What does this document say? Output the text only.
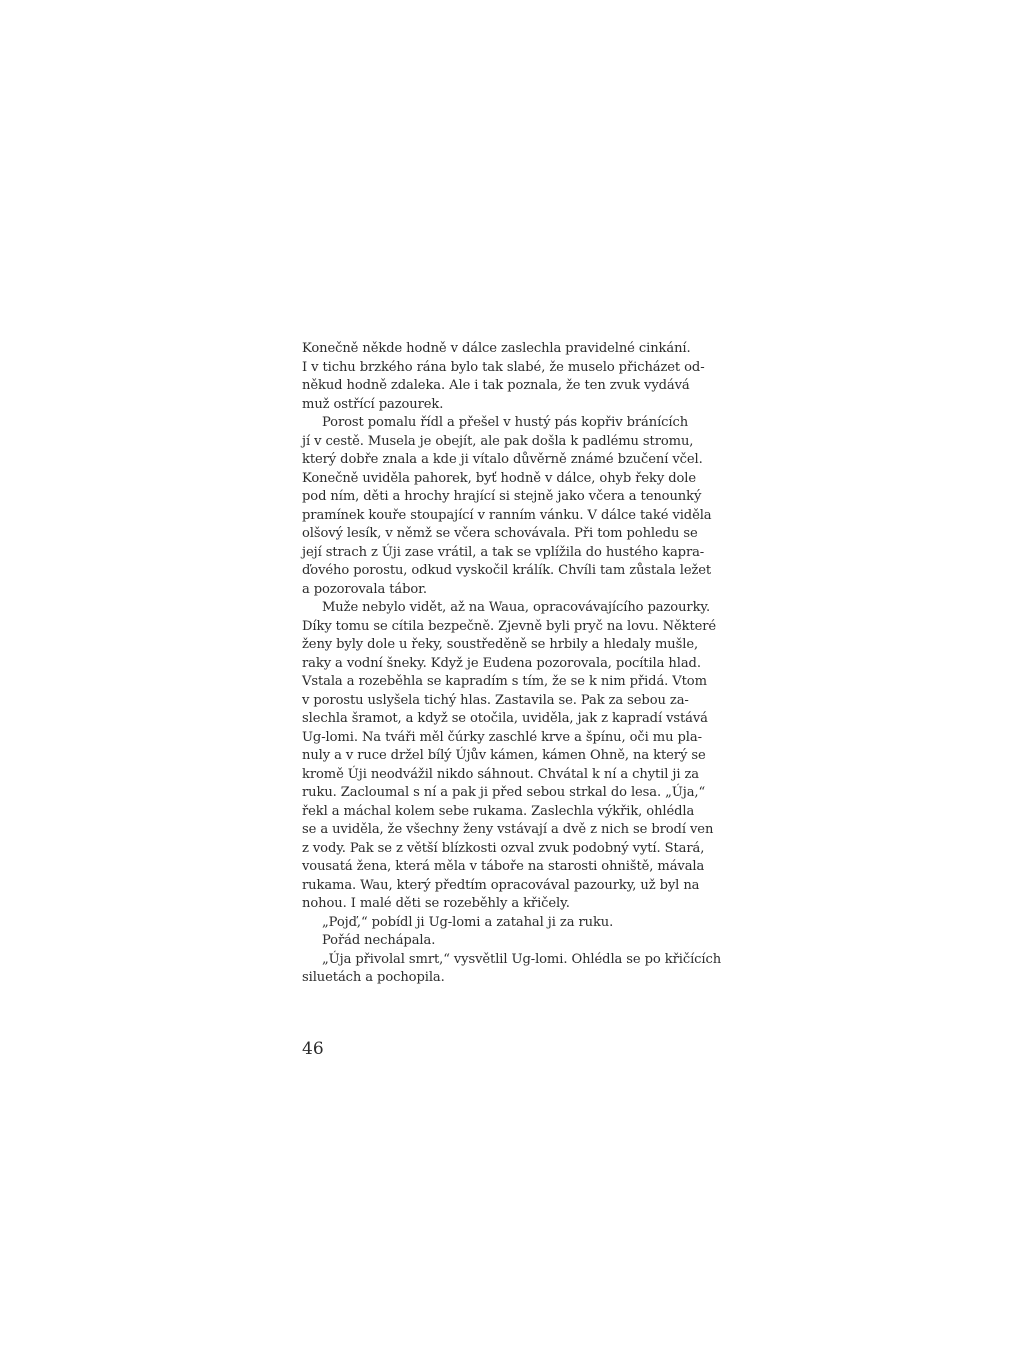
Konečně někde hodně v dálce zaslechla pravidelné cinkání.
I v tichu brzkého rána bylo tak slabé, že muselo přicházet od-
někud hodně zdaleka. Ale i tak poznala, že ten zvuk vydává
muž ostřící pazourek.
Porost pomalu řídl a přešel v hustý pás kopřiv bránících
jí v cestě. Musela je obejít, ale pak došla k padlému stromu,
který dobře znala a kde ji vítalo důvěrně známé bzučení včel.
Konečně uviděla pahorek, byť hodně v dálce, ohyb řeky dole
pod ním, děti a hrochy hrající si stejně jako včera a tenounký
pramínek kouře stoupající v ranním vánku. V dálce také viděla
olšový lesík, v němž se včera schovávala. Při tom pohledu se
její strach z Úji zase vrátil, a tak se vplížila do hustého kapra-
ďového porostu, odkud vyskočil králík. Chvíli tam zůstala ležet
a pozorovala tábor.
Muže nebylo vidět, až na Waua, opracovávajícího pazourky.
Díky tomu se cítila bezpečně. Zjevně byli pryč na lovu. Některé
ženy byly dole u řeky, soustředěně se hrbily a hledaly mušle,
raky a vodní šneky. Když je Eudena pozorovala, pocítila hlad.
Vstala a rozeběhla se kapradím s tím, že se k nim přidá. Vtom
v porostu uslyšela tichý hlas. Zastavila se. Pak za sebou za-
slechla šramot, a když se otočila, uviděla, jak z kapradí vstává
Ug-lomi. Na tváři měl čúrky zaschlé krve a špínu, oči mu pla-
nuly a v ruce držel bílý Újův kámen, kámen Ohně, na který se
kromě Úji neodvážil nikdo sáhnout. Chvátal k ní a chytil ji za
ruku. Zacloumal s ní a pak ji před sebou strkal do lesa. „Úja,“
řekl a máchal kolem sebe rukama. Zaslechla výkřik, ohlédla
se a uviděla, že všechny ženy vstávají a dvě z nich se brodí ven
z vody. Pak se z větší blízkosti ozval zvuk podobný vytí. Stará,
vousatá žena, která měla v táboře na starosti ohniště, mávala
rukama. Wau, který předtím opracovával pazourky, už byl na
nohou. I malé děti se rozeběhly a křičely.
„Pojď,“ pobídl ji Ug-lomi a zatahal ji za ruku.
Pořád nechápala.
„Úja přivolal smrt,“ vysvětlil Ug-lomi. Ohlédla se po křičících
siluetách a pochopila.
46
